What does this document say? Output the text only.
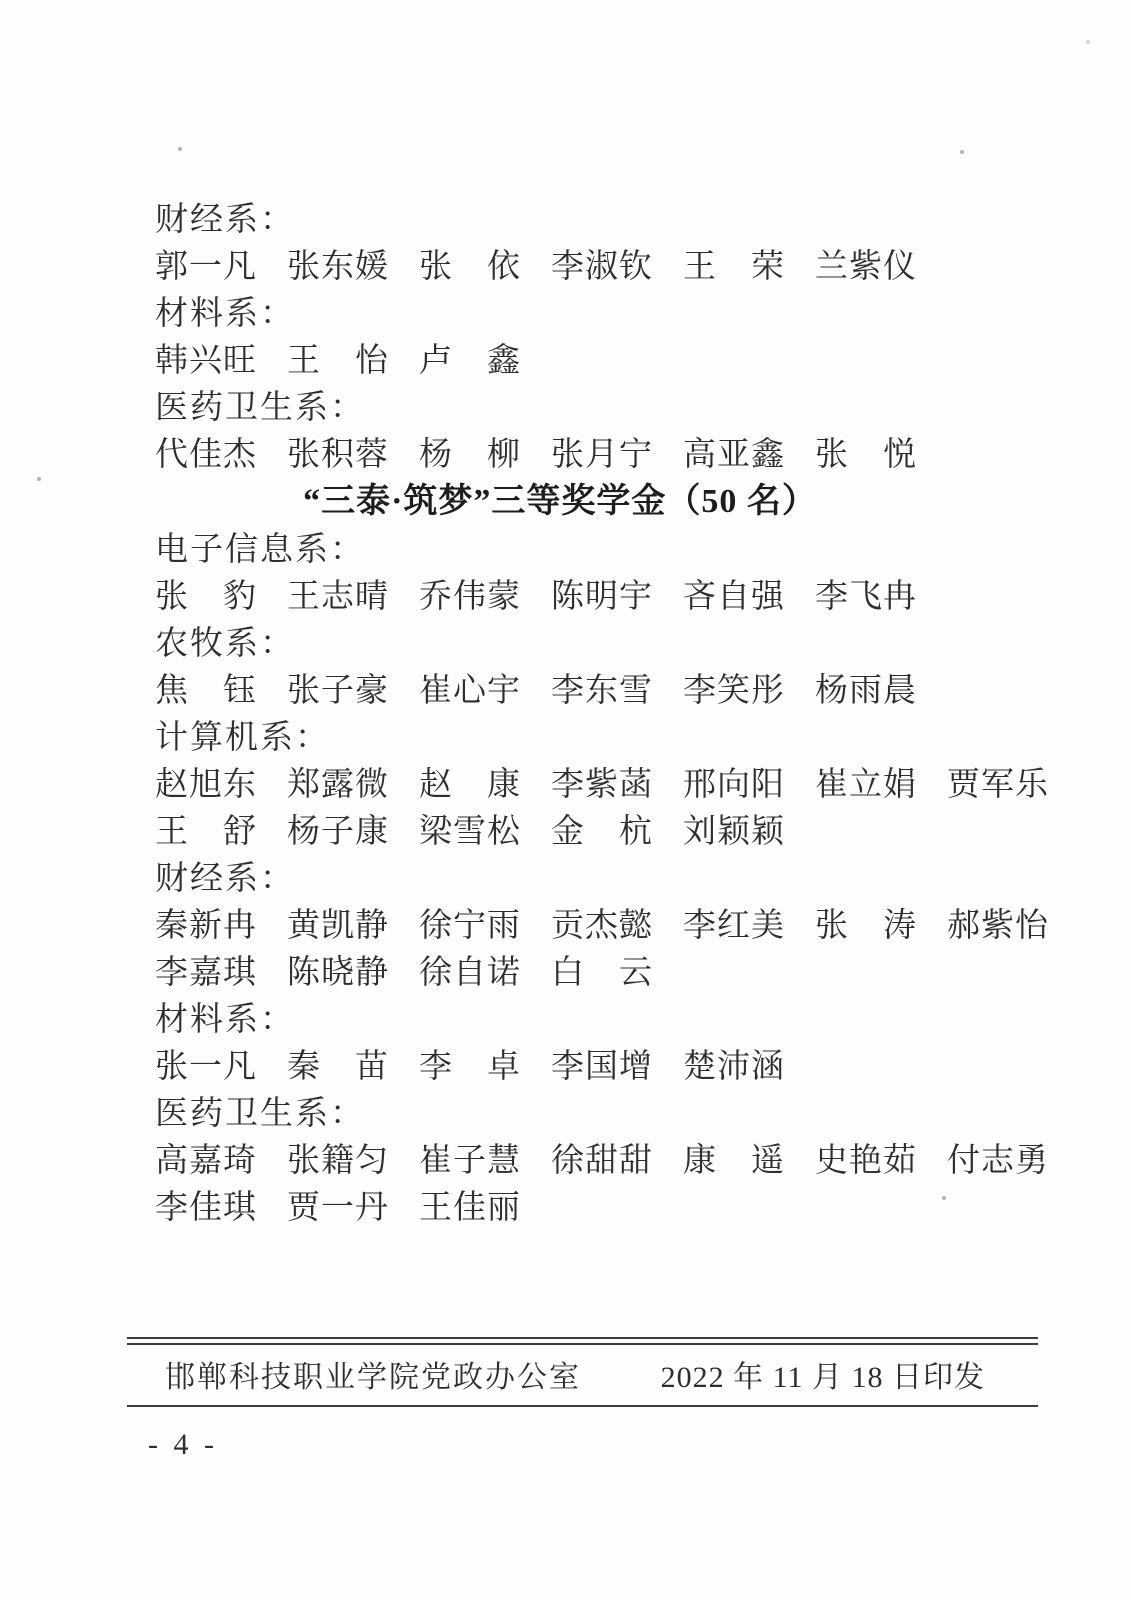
财经系：
郭一凡 张东媛 张　依 李淑钦 王　荣 兰紫仪
材料系：
韩兴旺 王　怡 卢　鑫
医药卫生系：
代佳杰 张积蓉 杨　柳 张月宁 高亚鑫 张　悦
“三泰·筑梦”三等奖学金（50 名）
电子信息系：
张　豹 王志晴 乔伟蒙 陈明宇 吝自强 李飞冉
农牧系：
焦　钰 张子豪 崔心宇 李东雪 李笑彤 杨雨晨
计算机系：
赵旭东 郑露微 赵　康 李紫菡 邢向阳 崔立娟 贾军乐
王　舒 杨子康 梁雪松 金　杭 刘颖颖
财经系：
秦新冉 黄凯静 徐宁雨 贡杰懿 李红美 张　涛 郝紫怡
李嘉琪 陈晓静 徐自诺 白　云
材料系：
张一凡 秦　苗 李　卓 李国增 楚沛涵
医药卫生系：
高嘉琦 张籍匀 崔子慧 徐甜甜 康　遥 史艳茹 付志勇
李佳琪 贾一丹 王佳丽
邯郸科技职业学院党政办公室	2022 年 11 月 18 日印发
- 4 -
